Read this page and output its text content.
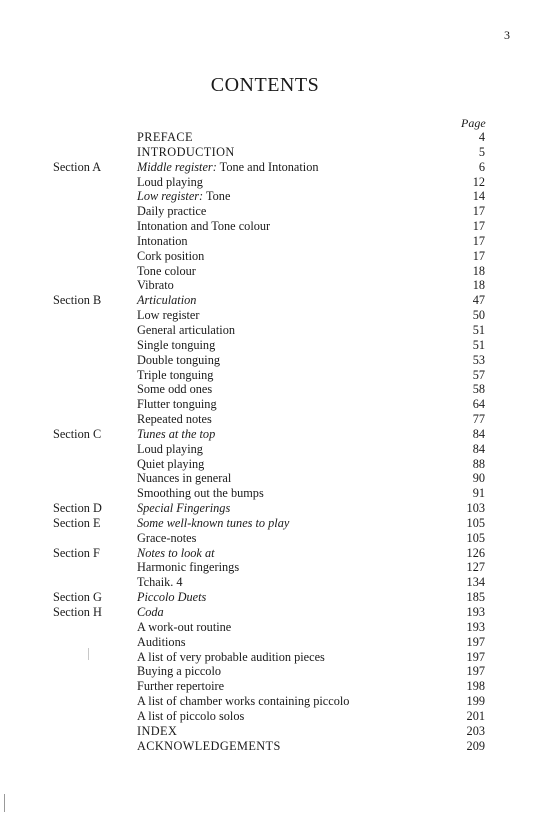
3
CONTENTS
Page
PREFACE	4
INTRODUCTION	5
Section A	Middle register: Tone and Intonation	6
Loud playing	12
Low register: Tone	14
Daily practice	17
Intonation and Tone colour	17
Intonation	17
Cork position	17
Tone colour	18
Vibrato	18
Section B	Articulation	47
Low register	50
General articulation	51
Single tonguing	51
Double tonguing	53
Triple tonguing	57
Some odd ones	58
Flutter tonguing	64
Repeated notes	77
Section C	Tunes at the top	84
Loud playing	84
Quiet playing	88
Nuances in general	90
Smoothing out the bumps	91
Section D	Special Fingerings	103
Section E	Some well-known tunes to play	105
Grace-notes	105
Section F	Notes to look at	126
Harmonic fingerings	127
Tchaik. 4	134
Section G	Piccolo Duets	185
Section H	Coda	193
A work-out routine	193
Auditions	197
A list of very probable audition pieces	197
Buying a piccolo	197
Further repertoire	198
A list of chamber works containing piccolo	199
A list of piccolo solos	201
INDEX	203
ACKNOWLEDGEMENTS	209
